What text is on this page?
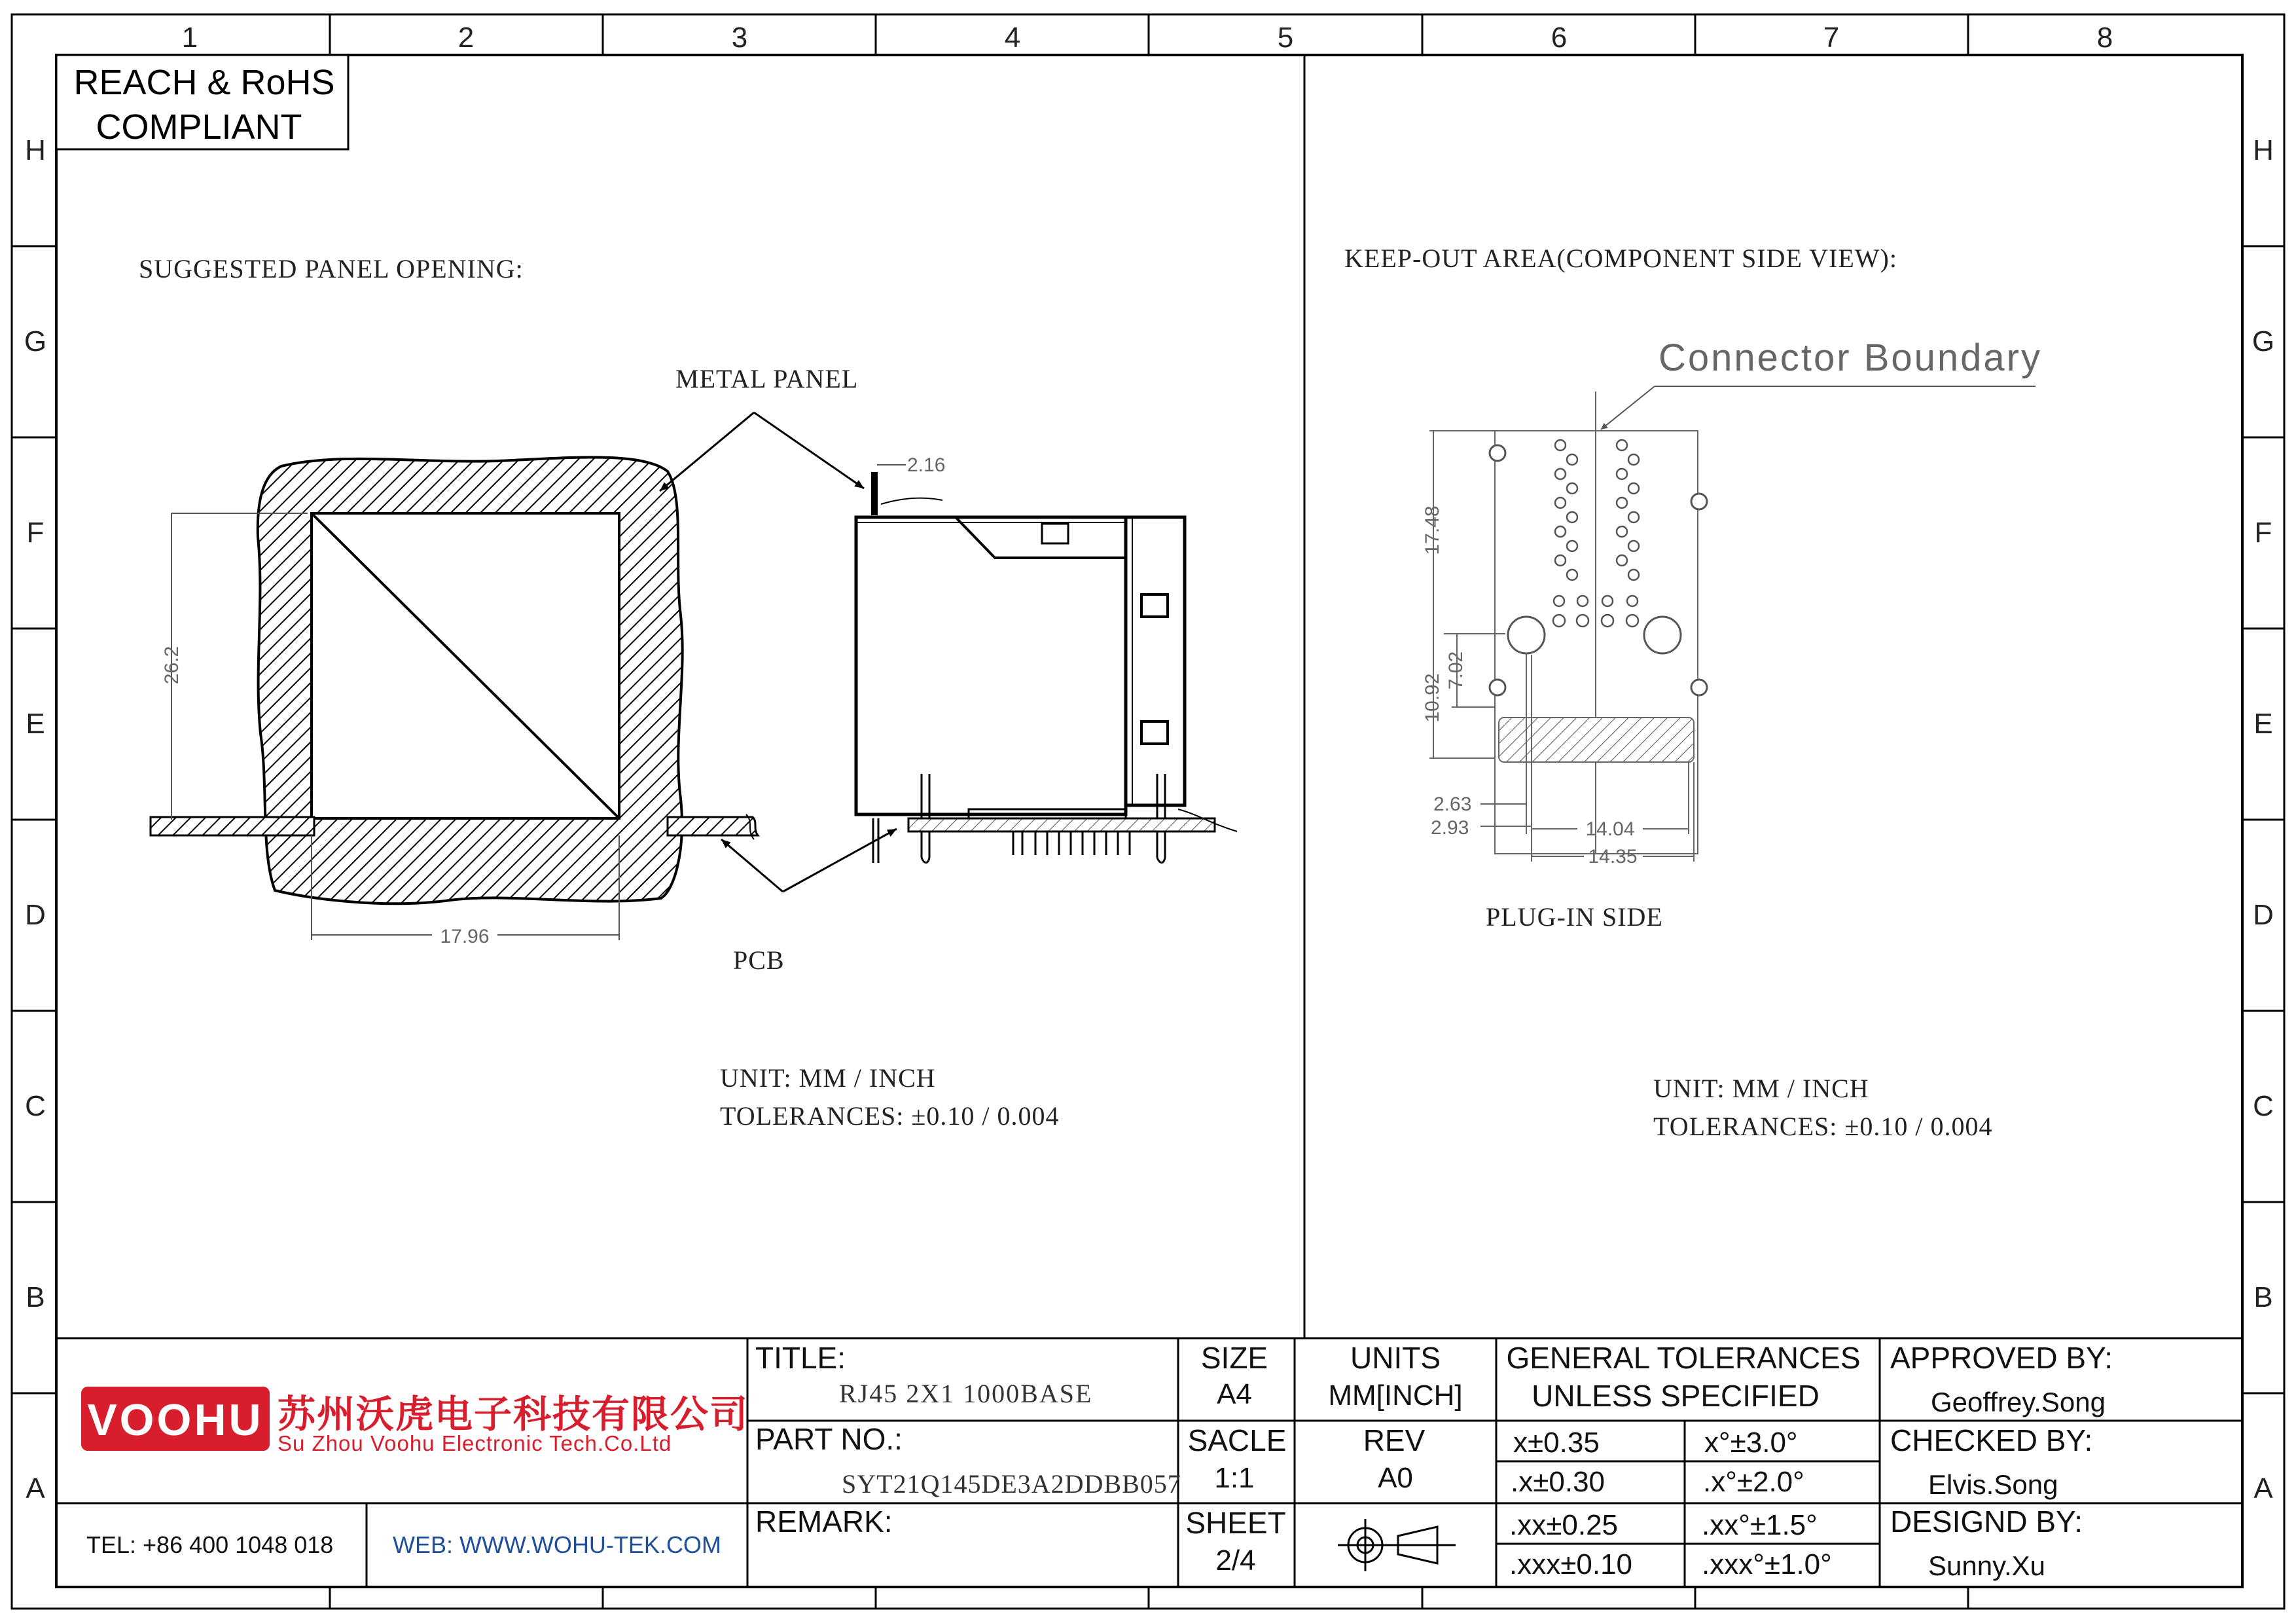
1	2	3	4	5	6	7	8
H
G
F
E
D
C
B
A
H
G
F
E
D
C
B
A
REACH & RoHS
COMPLIANT
SUGGESTED PANEL OPENING:
26.2
17.96
METAL PANEL
PCB
2.16
UNIT: MM / INCH
TOLERANCES: ±0.10 / 0.004
KEEP-OUT AREA(COMPONENT SIDE VIEW):
Connector Boundary
17.48
10.92
7.02
2.63
2.93	14.04
14.35
PLUG-IN SIDE
UNIT: MM / INCH
TOLERANCES: ±0.10 / 0.004
VOOHU 苏州沃虎电子科技有限公司
Su Zhou Voohu Electronic Tech.Co.Ltd
TEL: +86 400 1048 018	WEB: WWW.WOHU-TEK.COM
TITLE:
RJ45 2X1 1000BASE
PART NO.:
SYT21Q145DE3A2DDBB057
REMARK:
SIZE
A4
SACLE
1:1
SHEET
2/4
UNITS
MM[INCH]
REV
A0
GENERAL TOLERANCES
UNLESS SPECIFIED
x±0.35	x°±3.0°
.x±0.30	.x°±2.0°
.xx±0.25	.xx°±1.5°
.xxx±0.10 .xxx°±1.0°
APPROVED BY:
Geoffrey.Song
CHECKED BY:
Elvis.Song
DESIGND BY:
Sunny.Xu
